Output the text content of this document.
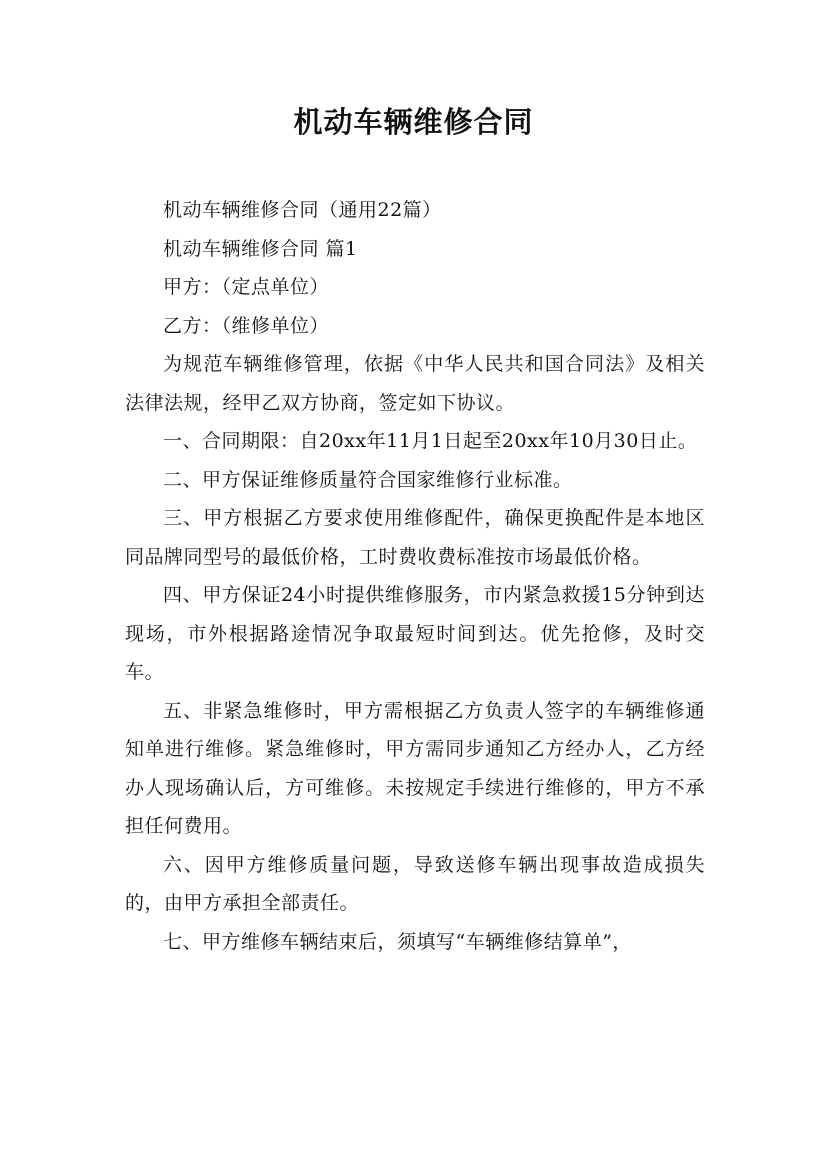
机动车辆维修合同

机动车辆维修合同（通用22篇）

机动车辆维修合同 篇1

甲方：（定点单位）

乙方：（维修单位）

为规范车辆维修管理，依据《中华人民共和国合同法》及相关法律法规，经甲乙双方协商，签定如下协议。

一、合同期限：自20xx年11月1日起至20xx年10月30日止。

二、甲方保证维修质量符合国家维修行业标准。

三、甲方根据乙方要求使用维修配件，确保更换配件是本地区同品牌同型号的最低价格，工时费收费标准按市场最低价格。

四、甲方保证24小时提供维修服务，市内紧急救援15分钟到达现场，市外根据路途情况争取最短时间到达。优先抢修，及时交车。

五、非紧急维修时，甲方需根据乙方负责人签字的车辆维修通知单进行维修。紧急维修时，甲方需同步通知乙方经办人，乙方经办人现场确认后，方可维修。未按规定手续进行维修的，甲方不承担任何费用。

六、因甲方维修质量问题，导致送修车辆出现事故造成损失的，由甲方承担全部责任。

七、甲方维修车辆结束后，须填写“车辆维修结算单”，
